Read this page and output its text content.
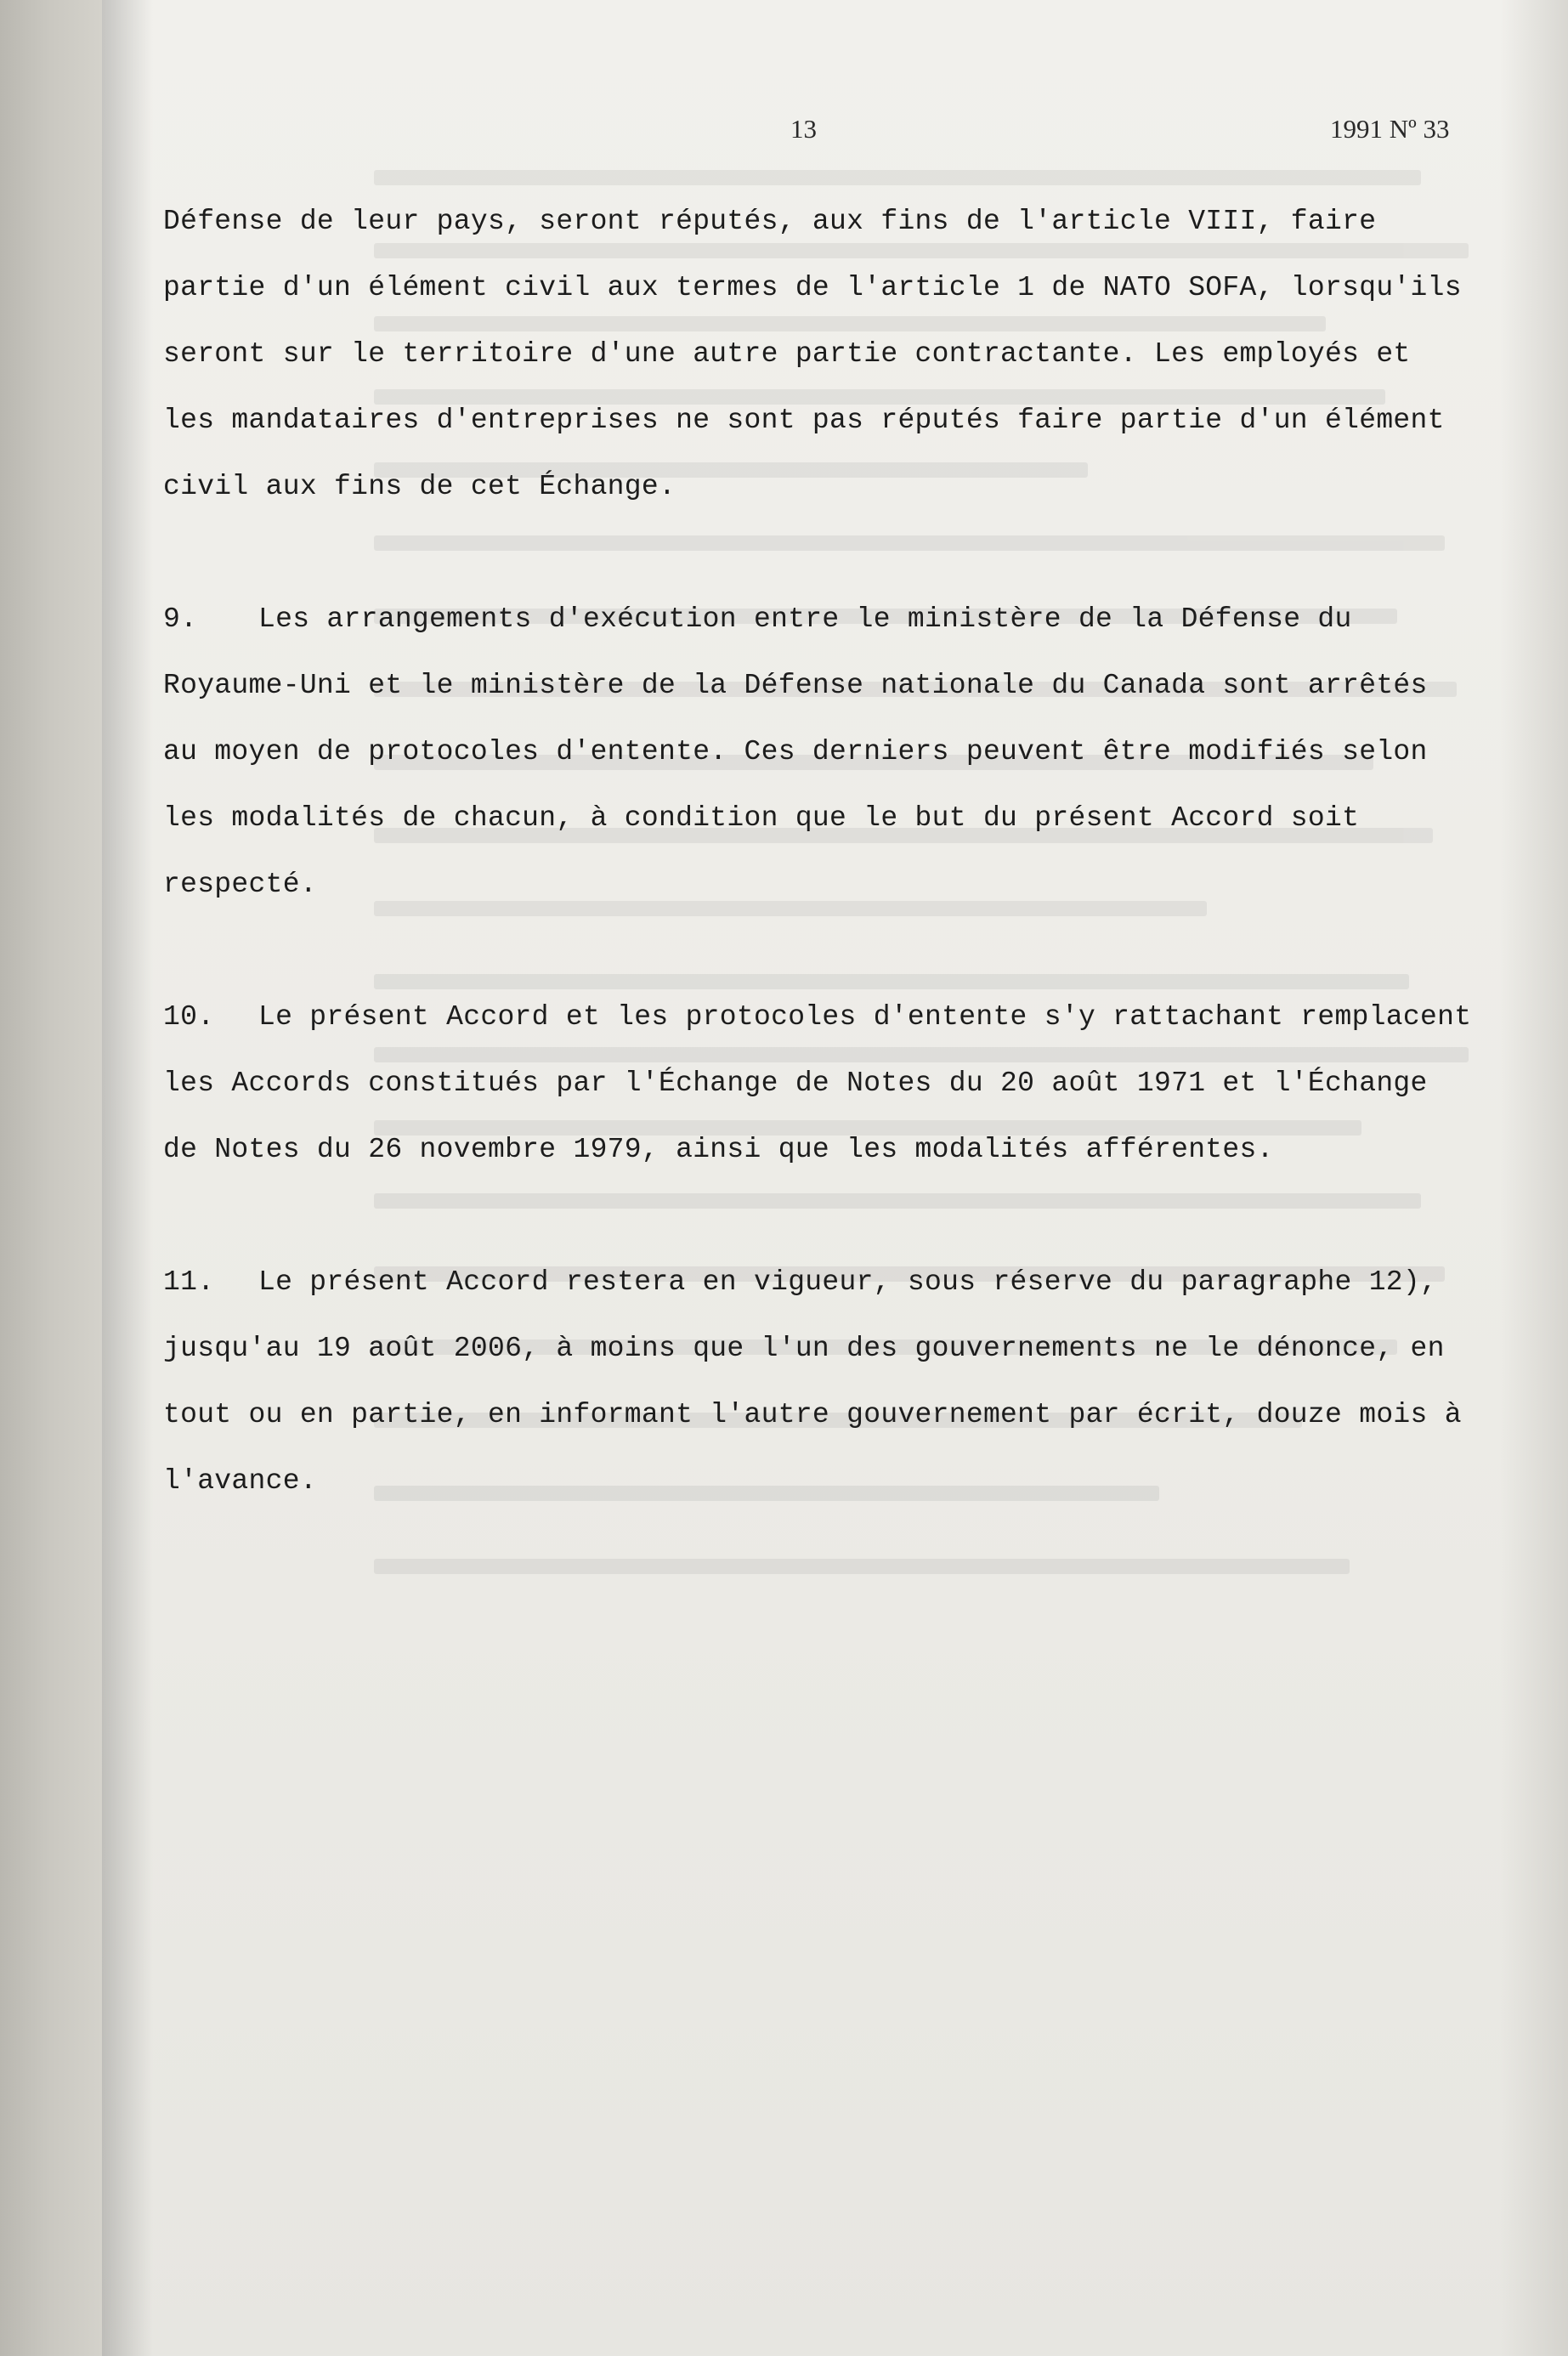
13	1991 Nº 33

Défense de leur pays, seront réputés, aux fins de l'article VIII, faire partie d'un élément civil aux termes de l'article 1 de NATO SOFA, lorsqu'ils seront sur le territoire d'une autre partie contractante. Les employés et les mandataires d'entreprises ne sont pas réputés faire partie d'un élément civil aux fins de cet Échange.

9. Les arrangements d'exécution entre le ministère de la Défense du Royaume-Uni et le ministère de la Défense nationale du Canada sont arrêtés au moyen de protocoles d'entente. Ces derniers peuvent être modifiés selon les modalités de chacun, à condition que le but du présent Accord soit respecté.

10. Le présent Accord et les protocoles d'entente s'y rattachant remplacent les Accords constitués par l'Échange de Notes du 20 août 1971 et l'Échange de Notes du 26 novembre 1979, ainsi que les modalités afférentes.

11. Le présent Accord restera en vigueur, sous réserve du paragraphe 12), jusqu'au 19 août 2006, à moins que l'un des gouvernements ne le dénonce, en tout ou en partie, en informant l'autre gouvernement par écrit, douze mois à l'avance.
